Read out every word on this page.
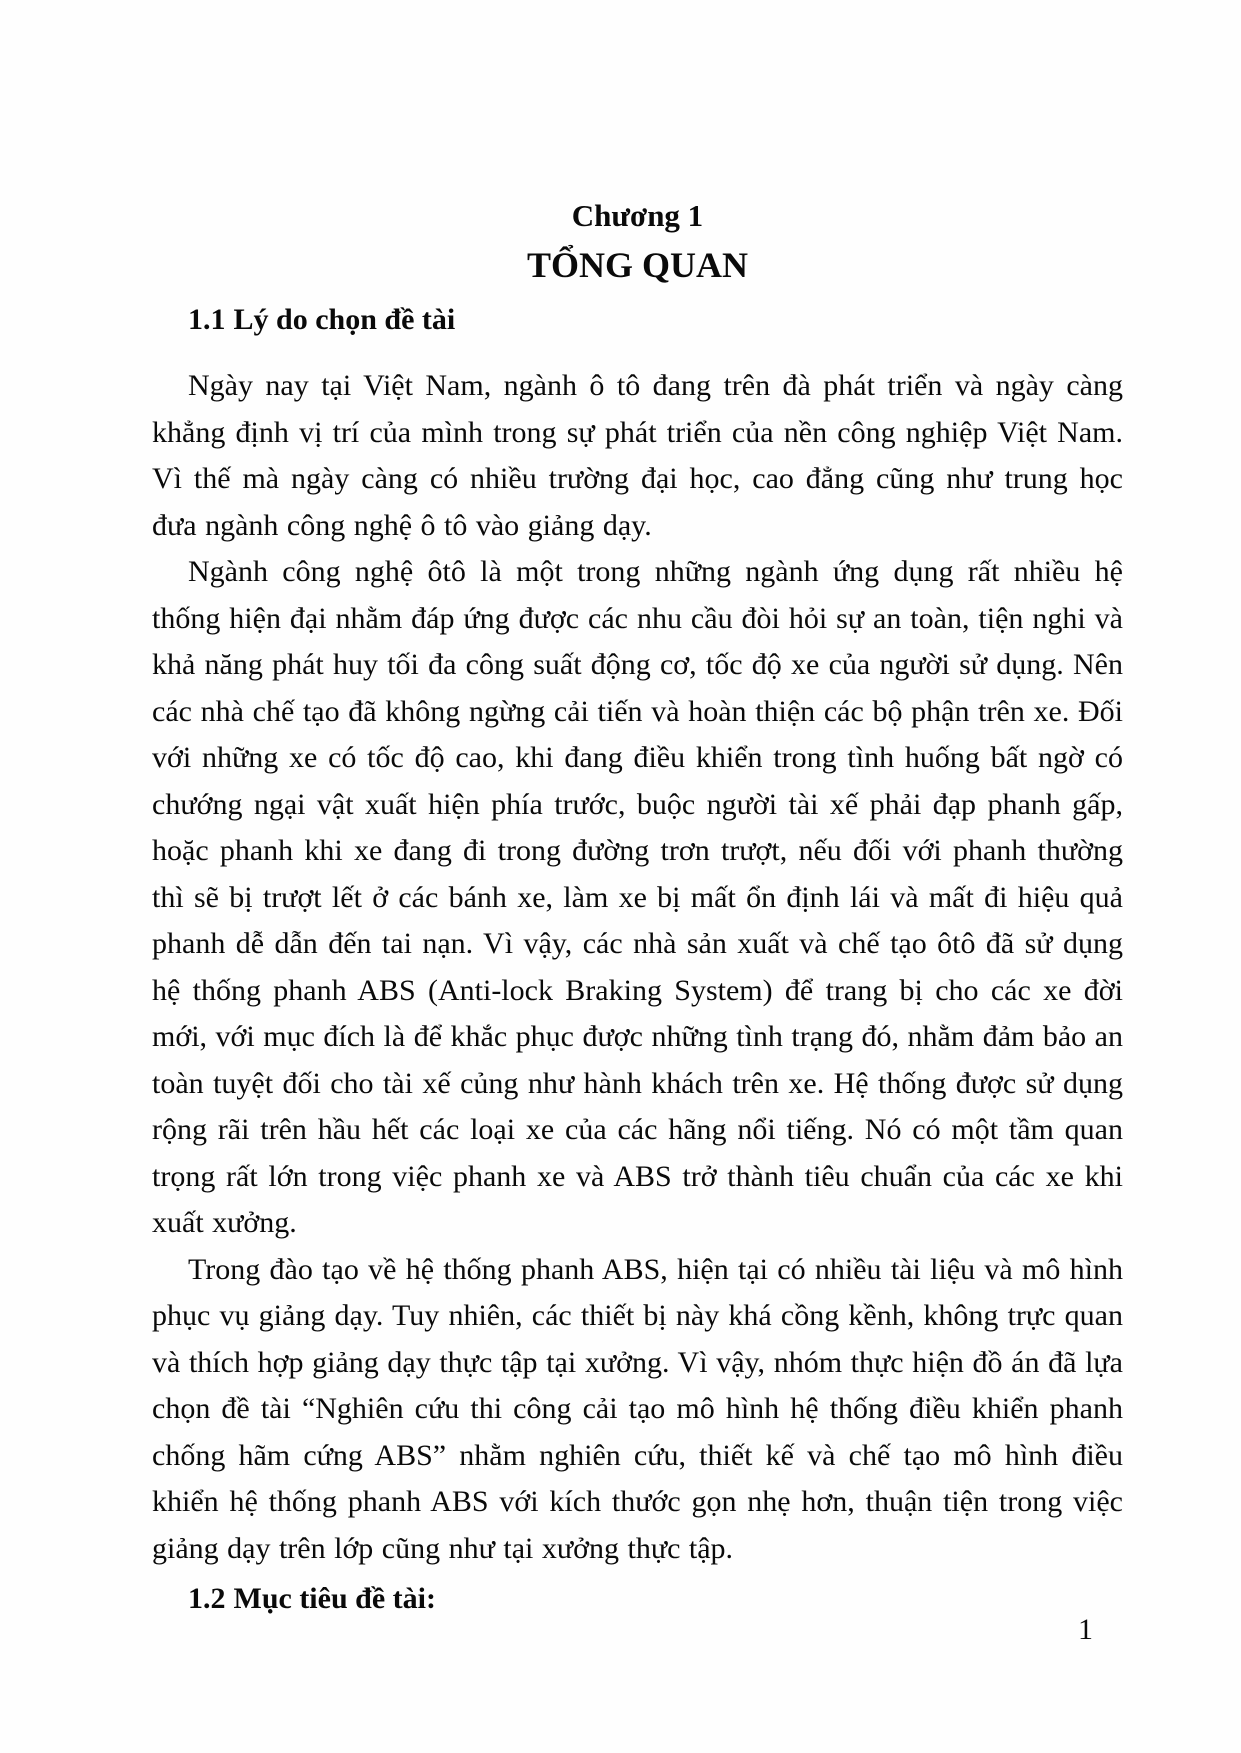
Chương 1
TỔNG QUAN
1.1 Lý do chọn đề tài

Ngày nay tại Việt Nam, ngành ô tô đang trên đà phát triển và ngày càng khẳng định vị trí của mình trong sự phát triển của nền công nghiệp Việt Nam. Vì thế mà ngày càng có nhiều trường đại học, cao đẳng cũng như trung học đưa ngành công nghệ ô tô vào giảng dạy.

Ngành công nghệ ôtô là một trong những ngành ứng dụng rất nhiều hệ thống hiện đại nhằm đáp ứng được các nhu cầu đòi hỏi sự an toàn, tiện nghi và khả năng phát huy tối đa công suất động cơ, tốc độ xe của người sử dụng. Nên các nhà chế tạo đã không ngừng cải tiến và hoàn thiện các bộ phận trên xe. Đối với những xe có tốc độ cao, khi đang điều khiển trong tình huống bất ngờ có chướng ngại vật xuất hiện phía trước, buộc người tài xế phải đạp phanh gấp, hoặc phanh khi xe đang đi trong đường trơn trượt, nếu đối với phanh thường thì sẽ bị trượt lết ở các bánh xe, làm xe bị mất ổn định lái và mất đi hiệu quả phanh dễ dẫn đến tai nạn. Vì vậy, các nhà sản xuất và chế tạo ôtô đã sử dụng hệ thống phanh ABS (Anti-lock Braking System) để trang bị cho các xe đời mới, với mục đích là để khắc phục được những tình trạng đó, nhằm đảm bảo an toàn tuyệt đối cho tài xế củng như hành khách trên xe. Hệ thống được sử dụng rộng rãi trên hầu hết các loại xe của các hãng nổi tiếng. Nó có một tầm quan trọng rất lớn trong việc phanh xe và ABS trở thành tiêu chuẩn của các xe khi xuất xưởng.

Trong đào tạo về hệ thống phanh ABS, hiện tại có nhiều tài liệu và mô hình phục vụ giảng dạy. Tuy nhiên, các thiết bị này khá cồng kềnh, không trực quan và thích hợp giảng dạy thực tập tại xưởng. Vì vậy, nhóm thực hiện đồ án đã lựa chọn đề tài “Nghiên cứu thi công cải tạo mô hình hệ thống điều khiển phanh chống hãm cứng ABS” nhằm nghiên cứu, thiết kế và chế tạo mô hình điều khiển hệ thống phanh ABS với kích thước gọn nhẹ hơn, thuận tiện trong việc giảng dạy trên lớp cũng như tại xưởng thực tập.

1.2 Mục tiêu đề tài:
1
